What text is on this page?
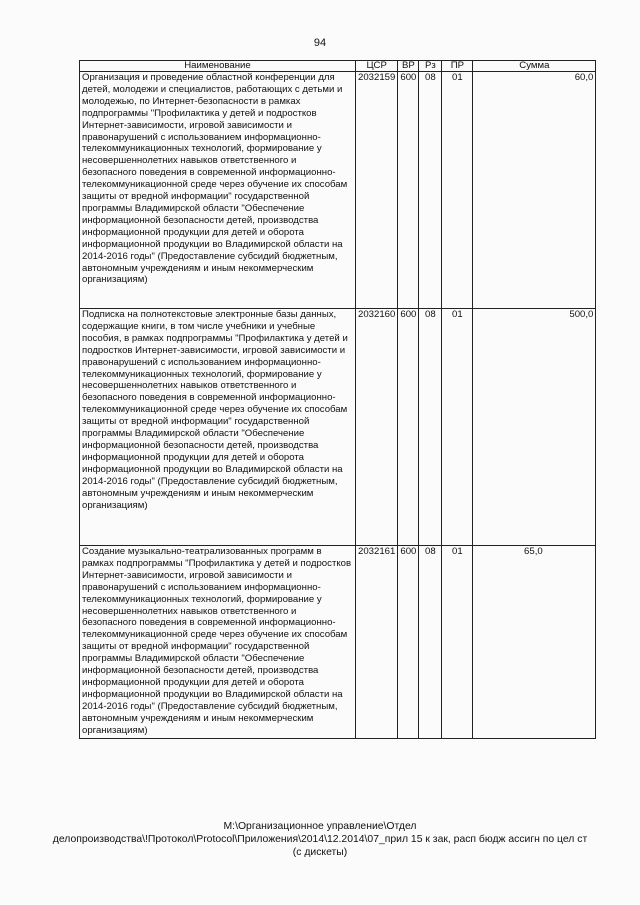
94
Наименование	ЦСР	ВР	Рз	ПР	Сумма
Организация и проведение областной конференции для детей, молодежи и специалистов, работающих с детьми и молодежью, по Интернет-безопасности в рамках подпрограммы "Профилактика у детей и подростков Интернет-зависимости, игровой зависимости и правонарушений с использованием информационно-телекоммуникационных технологий, формирование у несовершеннолетних навыков ответственного и безопасного поведения в современной информационно-телекоммуникационной среде через обучение их способам защиты от вредной информации" государственной программы Владимирской области "Обеспечение информационной безопасности детей, производства информационной продукции для детей и оборота информационной продукции во Владимирской области на 2014-2016 годы" (Предоставление субсидий бюджетным, автономным учреждениям и иным некоммерческим организациям)	2032159	600	08	01	60,0
Подписка на полнотекстовые электронные базы данных, содержащие книги, в том числе учебники и учебные пособия, в рамках подпрограммы "Профилактика у детей и подростков Интернет-зависимости, игровой зависимости и правонарушений с использованием информационно-телекоммуникационных технологий, формирование у несовершеннолетних навыков ответственного и безопасного поведения в современной информационно-телекоммуникационной среде через обучение их способам защиты от вредной информации" государственной программы Владимирской области "Обеспечение информационной безопасности детей, производства информационной продукции для детей и оборота информационной продукции во Владимирской области на 2014-2016 годы" (Предоставление субсидий бюджетным, автономным учреждениям и иным некоммерческим организациям)	2032160	600	08	01	500,0
Создание музыкально-театрализованных программ в рамках подпрограммы "Профилактика у детей и подростков Интернет-зависимости, игровой зависимости и правонарушений с использованием информационно-телекоммуникационных технологий, формирование у несовершеннолетних навыков ответственного и безопасного поведения в современной информационно-телекоммуникационной среде через обучение их способам защиты от вредной информации" государственной программы Владимирской области "Обеспечение информационной безопасности детей, производства информационной продукции для детей и оборота информационной продукции во Владимирской области на 2014-2016 годы" (Предоставление субсидий бюджетным, автономным учреждениям и иным некоммерческим организациям)	2032161	600	08	01	65,0
М:\Организационное управление\Отдел
делопроизводства\!Протокол\Protocol\Приложения\2014\12.2014\07_прил 15 к зак, расп бюдж ассигн по цел ст
(с дискеты)
